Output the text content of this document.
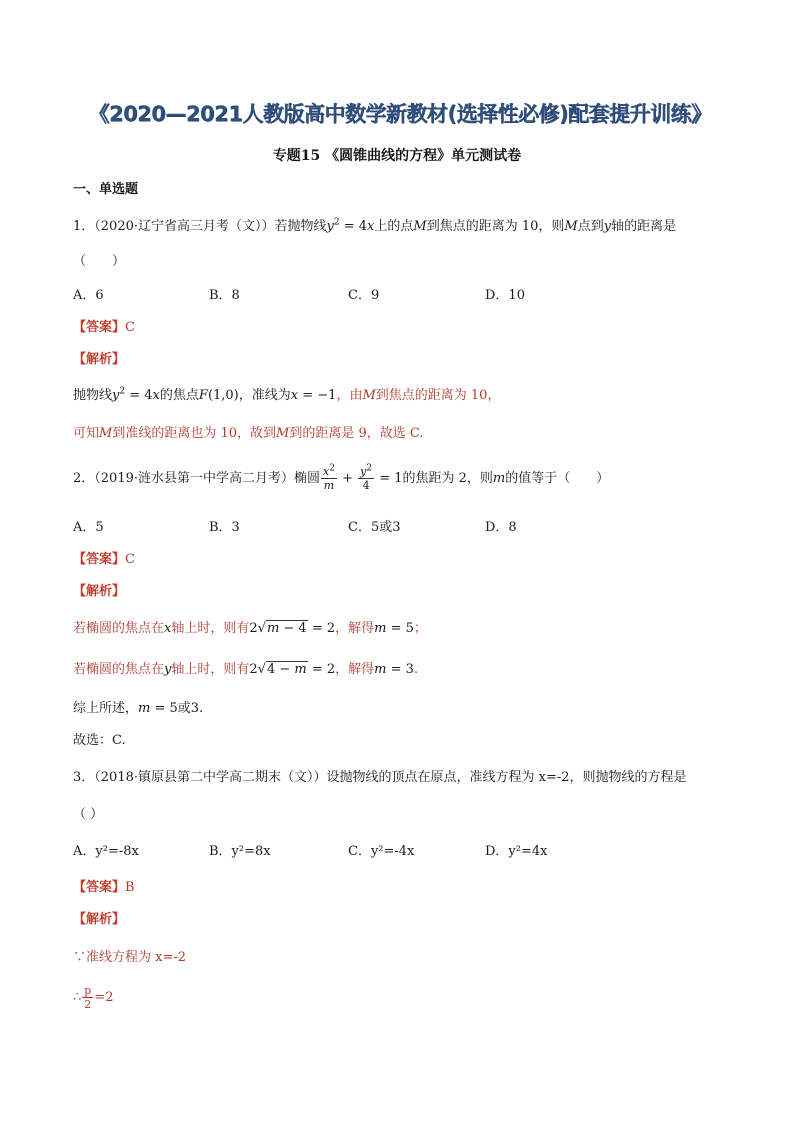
《2020—2021人教版高中数学新教材(选择性必修)配套提升训练》
专题15 《圆锥曲线的方程》单元测试卷
一、单选题
1．（2020·辽宁省高三月考（文））若抛物线$y^2 = 4x$上的点M到焦点的距离为 10，则M点到y轴的距离是
（　　）
A．6	B．8	C．9	D．10
【答案】C
【解析】
抛物线$y^2 = 4x$的焦点F(1,0)，准线为x = −1，由M到焦点的距离为 10，
可知M到准线的距离也为 10，故到M到的距离是 9，故选 C.
2．（2019·涟水县第一中学高二月考）椭圆 $\frac{x^2}{m} + \frac{y^2}{4} = 1$的焦距为 2，则m的值等于（　　）
A．5	B．3	C．5或3	D．8
【答案】C
【解析】
若椭圆的焦点在x轴上时，则有2√m − 4 = 2，解得m = 5；
若椭圆的焦点在y轴上时，则有2√4 − m = 2，解得m = 3.
综上所述，m = 5或3.
故选：C.
3．（2018·镇原县第二中学高二期末（文））设抛物线的顶点在原点，准线方程为 x=-2，则抛物线的方程是
（ ）
A．y²=-8x	B．y²=8x	C．y²=-4x	D．y²=4x
【答案】B
【解析】
∵准线方程为 x=-2
∴ $\frac{p}{2} =2$
